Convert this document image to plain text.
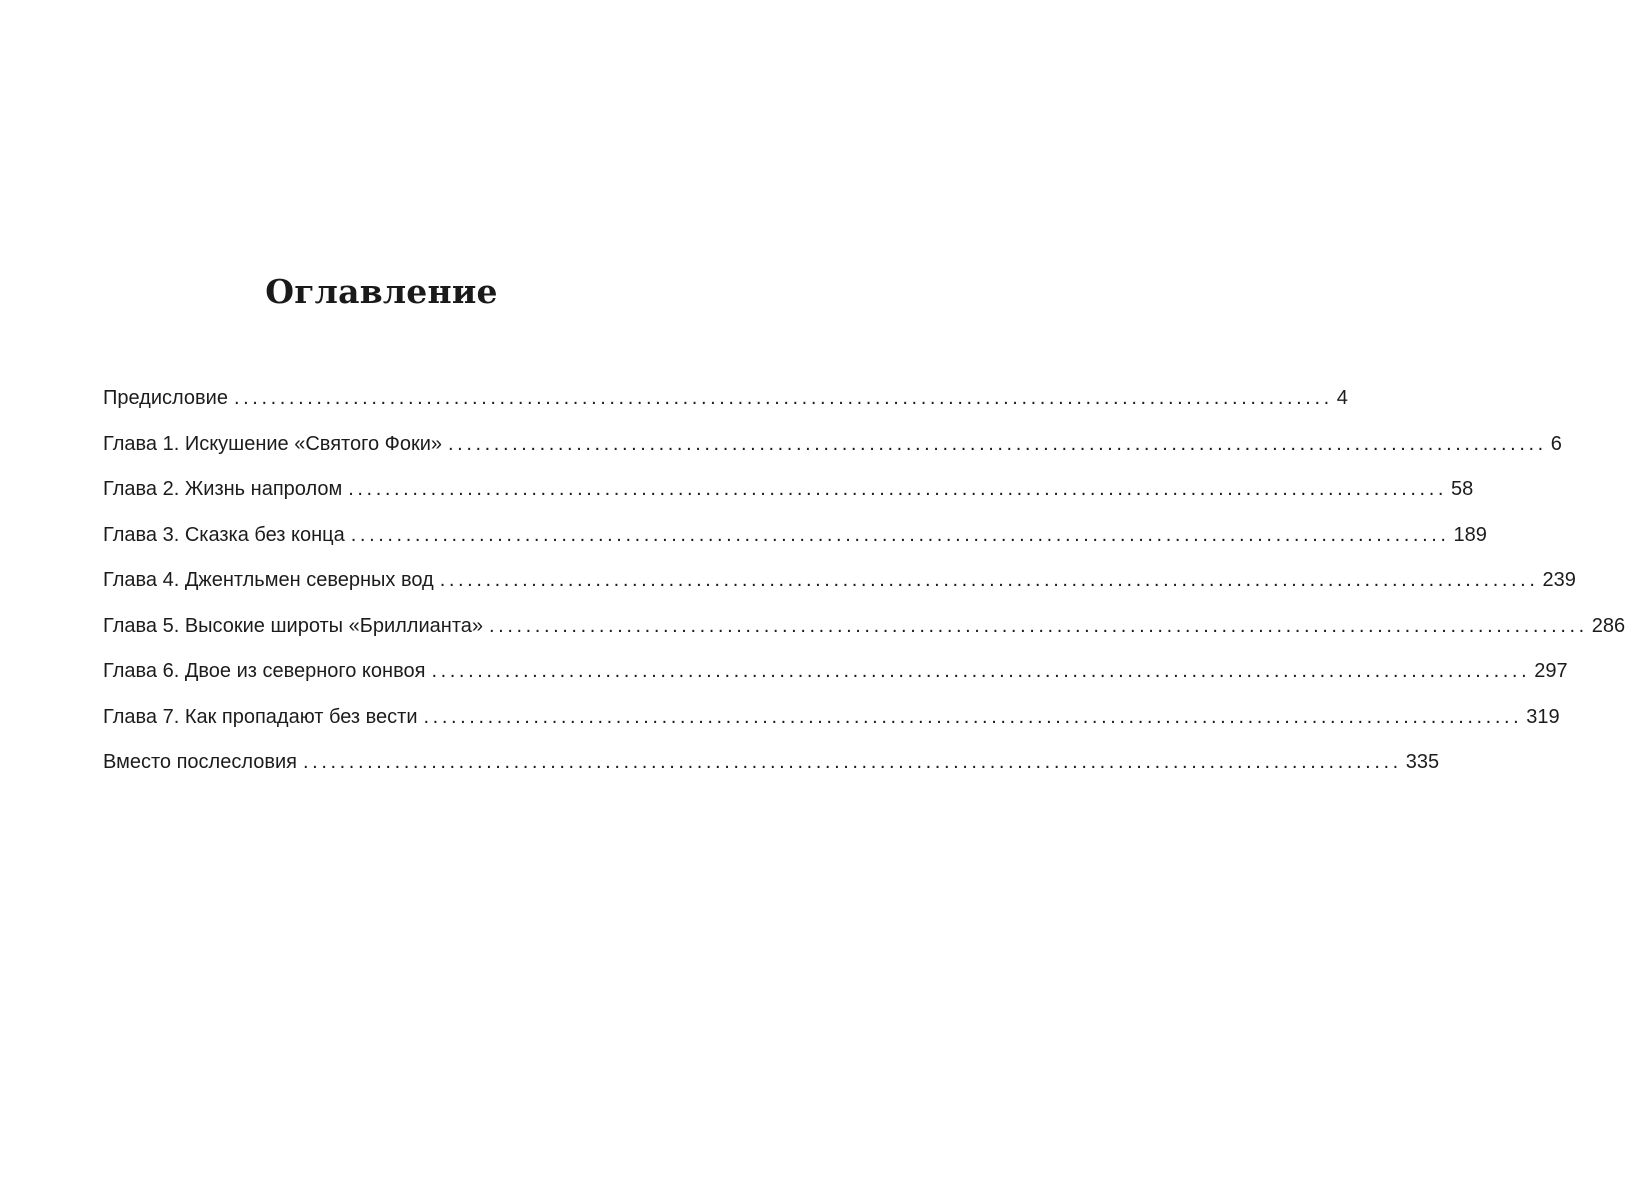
Оглавление
Предисловие ........................................................................................................................ 4
Глава 1. Искушение «Святого Фоки» ........................................................................................................................ 6
Глава 2. Жизнь напролом ........................................................................................................................ 58
Глава 3. Сказка без конца ........................................................................................................................ 189
Глава 4. Джентльмен северных вод ........................................................................................................................ 239
Глава 5. Высокие широты «Бриллианта» ........................................................................................................................ 286
Глава 6. Двое из северного конвоя ........................................................................................................................ 297
Глава 7. Как пропадают без вести ........................................................................................................................ 319
Вместо послесловия ........................................................................................................................ 335
